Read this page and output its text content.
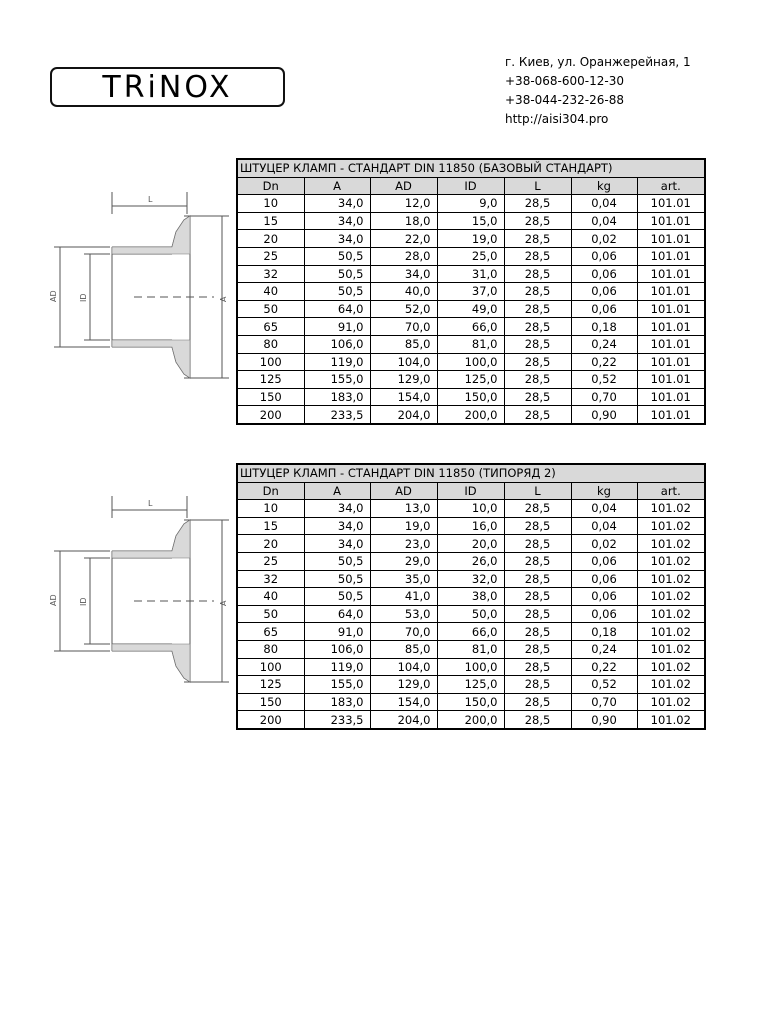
TRiNOX
г. Киев, ул. Оранжерейная, 1
+38-068-600-12-30
+38-044-232-26-88
http://aisi304.pro
L
AD	ID	A
L
AD	ID	A
ШТУЦЕР КЛАМП - СТАНДАРТ DIN 11850 (БАЗОВЫЙ СТАНДАРТ)						
Dn	A	AD	ID	L	kg	art.
10	34,0	12,0	9,0	28,5	0,04	101.01
15	34,0	18,0	15,0	28,5	0,04	101.01
20	34,0	22,0	19,0	28,5	0,02	101.01
25	50,5	28,0	25,0	28,5	0,06	101.01
32	50,5	34,0	31,0	28,5	0,06	101.01
40	50,5	40,0	37,0	28,5	0,06	101.01
50	64,0	52,0	49,0	28,5	0,06	101.01
65	91,0	70,0	66,0	28,5	0,18	101.01
80	106,0	85,0	81,0	28,5	0,24	101.01
100	119,0	104,0	100,0	28,5	0,22	101.01
125	155,0	129,0	125,0	28,5	0,52	101.01
150	183,0	154,0	150,0	28,5	0,70	101.01
200	233,5	204,0	200,0	28,5	0,90	101.01
ШТУЦЕР КЛАМП - СТАНДАРТ DIN 11850 (ТИПОРЯД 2)						
Dn	A	AD	ID	L	kg	art.
10	34,0	13,0	10,0	28,5	0,04	101.02
15	34,0	19,0	16,0	28,5	0,04	101.02
20	34,0	23,0	20,0	28,5	0,02	101.02
25	50,5	29,0	26,0	28,5	0,06	101.02
32	50,5	35,0	32,0	28,5	0,06	101.02
40	50,5	41,0	38,0	28,5	0,06	101.02
50	64,0	53,0	50,0	28,5	0,06	101.02
65	91,0	70,0	66,0	28,5	0,18	101.02
80	106,0	85,0	81,0	28,5	0,24	101.02
100	119,0	104,0	100,0	28,5	0,22	101.02
125	155,0	129,0	125,0	28,5	0,52	101.02
150	183,0	154,0	150,0	28,5	0,70	101.02
200	233,5	204,0	200,0	28,5	0,90	101.02
